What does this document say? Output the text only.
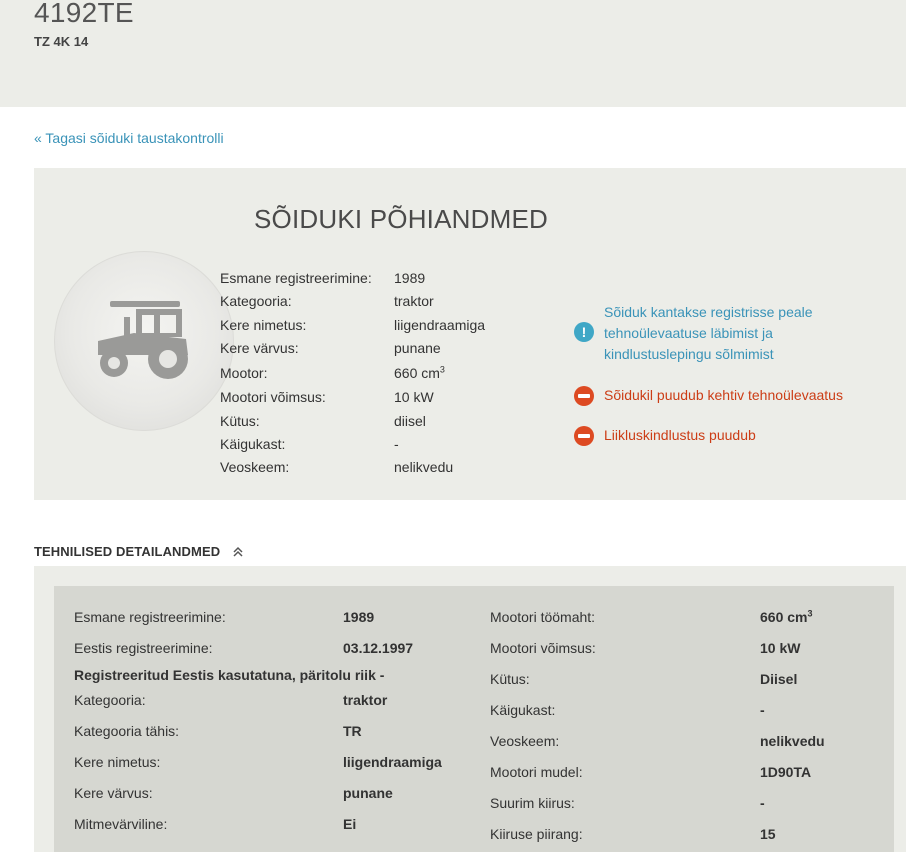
4192TE
TZ 4K 14
« Tagasi sõiduki taustakontrolli
SÕIDUKI PÕHIANDMED
Esmane registreerimine: 1989
Kategooria:	traktor
Kere nimetus:	liigendraamiga
Kere värvus:	punane
Mootor:	660 $cm^3$
Mootori võimsus:	10 kW
Kütus:	diisel
Käigukast:	-
Veoskeem:	nelikvedu
!
Sõiduk kantakse registrisse peale tehnoülevaatuse läbimist ja kindlustuslepingu sõlmimist
Sõidukil puudub kehtiv tehnoülevaatus
Liikluskindlustus puudub
TEHNILISED DETAILANDMED
Esmane registreerimine:	1989
Eestis registreerimine:	03.12.1997
Registreeritud Eestis kasutatuna, päritolu riik -
Kategooria:	traktor
Kategooria tähis:	TR
Kere nimetus:	liigendraamiga
Kere värvus:	punane
Mitmevärviline:	Ei
Mootori töömaht:	660 $cm^3$
Mootori võimsus:	10 kW
Kütus:	Diisel
Käigukast:	-
Veoskeem:	nelikvedu
Mootori mudel:	1D90TA
Suurim kiirus:	-
Kiiruse piirang:	15
